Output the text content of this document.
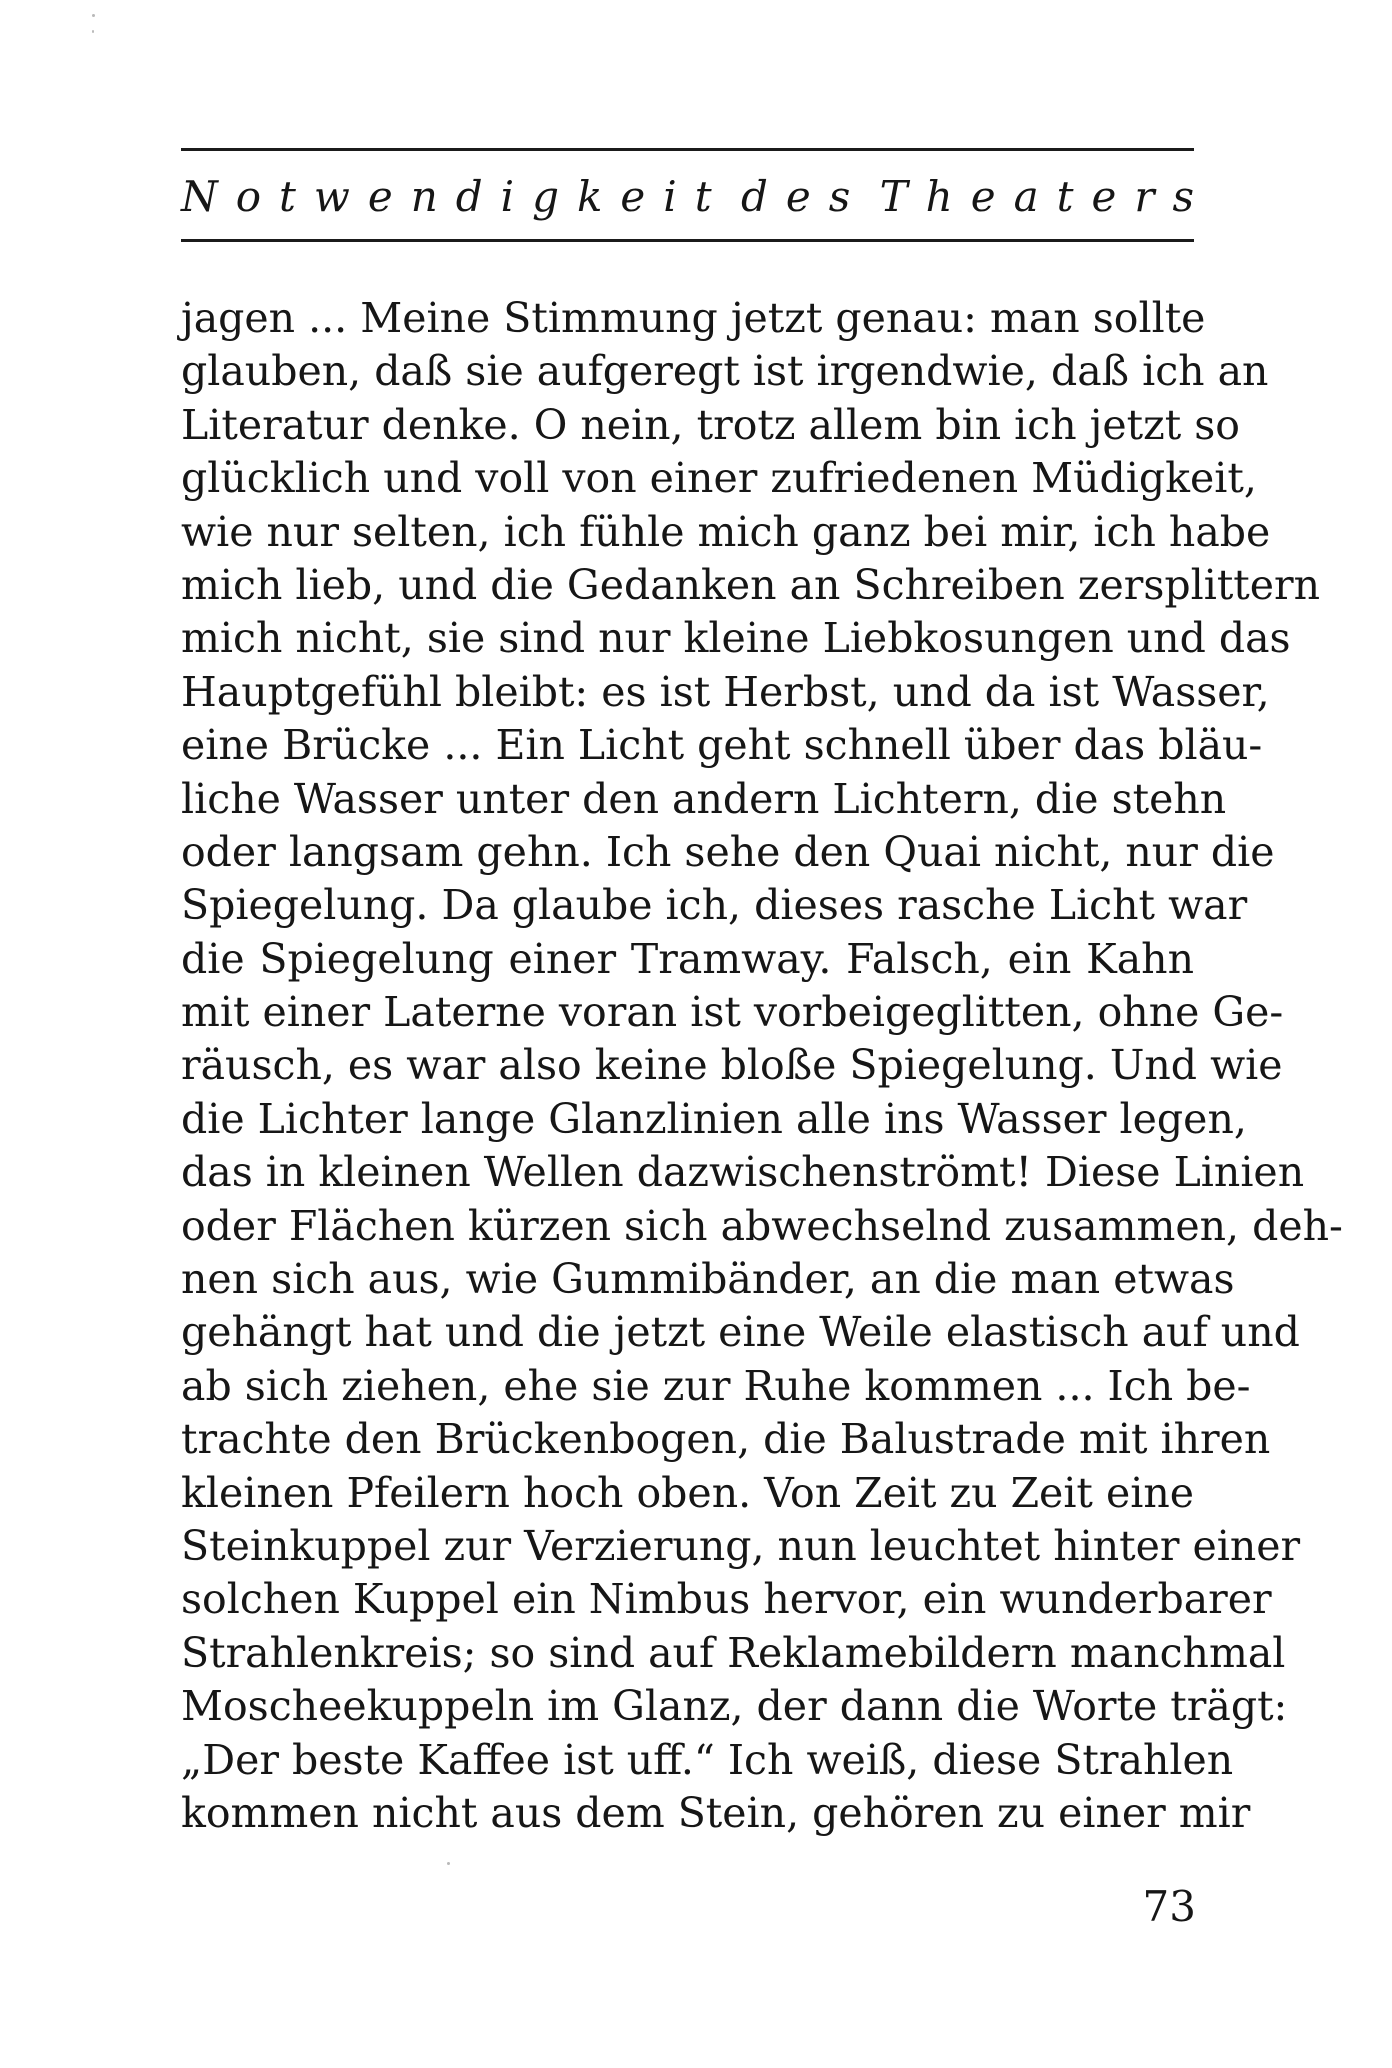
Notwendigkeit des Theaters
jagen ... Meine Stimmung jetzt genau: man sollte
glauben, daß sie aufgeregt ist irgendwie, daß ich an
Literatur denke. O nein, trotz allem bin ich jetzt so
glücklich und voll von einer zufriedenen Müdigkeit,
wie nur selten, ich fühle mich ganz bei mir, ich habe
mich lieb, und die Gedanken an Schreiben zersplittern
mich nicht, sie sind nur kleine Liebkosungen und das
Hauptgefühl bleibt: es ist Herbst, und da ist Wasser,
eine Brücke ... Ein Licht geht schnell über das bläu-
liche Wasser unter den andern Lichtern, die stehn
oder langsam gehn. Ich sehe den Quai nicht, nur die
Spiegelung. Da glaube ich, dieses rasche Licht war
die Spiegelung einer Tramway. Falsch, ein Kahn
mit einer Laterne voran ist vorbeigeglitten, ohne Ge-
räusch, es war also keine bloße Spiegelung. Und wie
die Lichter lange Glanzlinien alle ins Wasser legen,
das in kleinen Wellen dazwischenströmt! Diese Linien
oder Flächen kürzen sich abwechselnd zusammen, deh-
nen sich aus, wie Gummibänder, an die man etwas
gehängt hat und die jetzt eine Weile elastisch auf und
ab sich ziehen, ehe sie zur Ruhe kommen ... Ich be-
trachte den Brückenbogen, die Balustrade mit ihren
kleinen Pfeilern hoch oben. Von Zeit zu Zeit eine
Steinkuppel zur Verzierung, nun leuchtet hinter einer
solchen Kuppel ein Nimbus hervor, ein wunderbarer
Strahlenkreis; so sind auf Reklamebildern manchmal
Moscheekuppeln im Glanz, der dann die Worte trägt:
„Der beste Kaffee ist uff.“ Ich weiß, diese Strahlen
kommen nicht aus dem Stein, gehören zu einer mir
73
